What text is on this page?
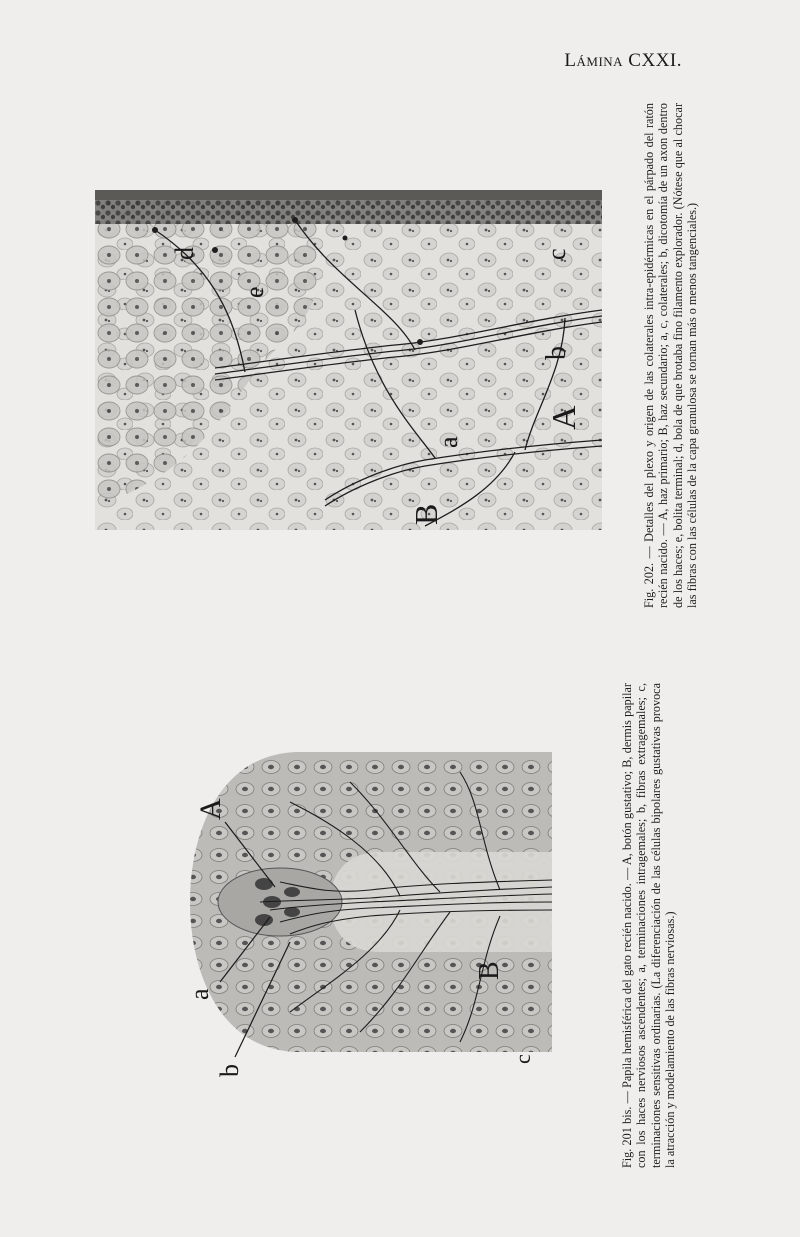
Lámina CXXI.
c
b
A
e
d
a
B
A
a
b
B
c
Fig. 202. — Detalles del plexo y origen de las colaterales intra-epidérmicas en el párpado del ratón recién nacido. — A, haz primario; B, haz secundario; a, c, colaterales; b, dicotomía de un axon dentro de los haces; e, bolita terminal; d, bola de que brotaba fino filamento explorador. (Nótese que al chocar las fibras con las células de la capa granulosa se tornan más o menos tangenciales.)
Fig. 201 bis. — Papila hemisférica del gato recién nacido. — A, botón gustativo; B, dermis papilar con los haces nerviosos ascendentes; a, terminaciones intragemales; b, fibras extragemales; c, terminaciones sensitivas ordinarias. (La diferenciación de las células bipolares gustativas provoca la atracción y modelamiento de las fibras nerviosas.)
